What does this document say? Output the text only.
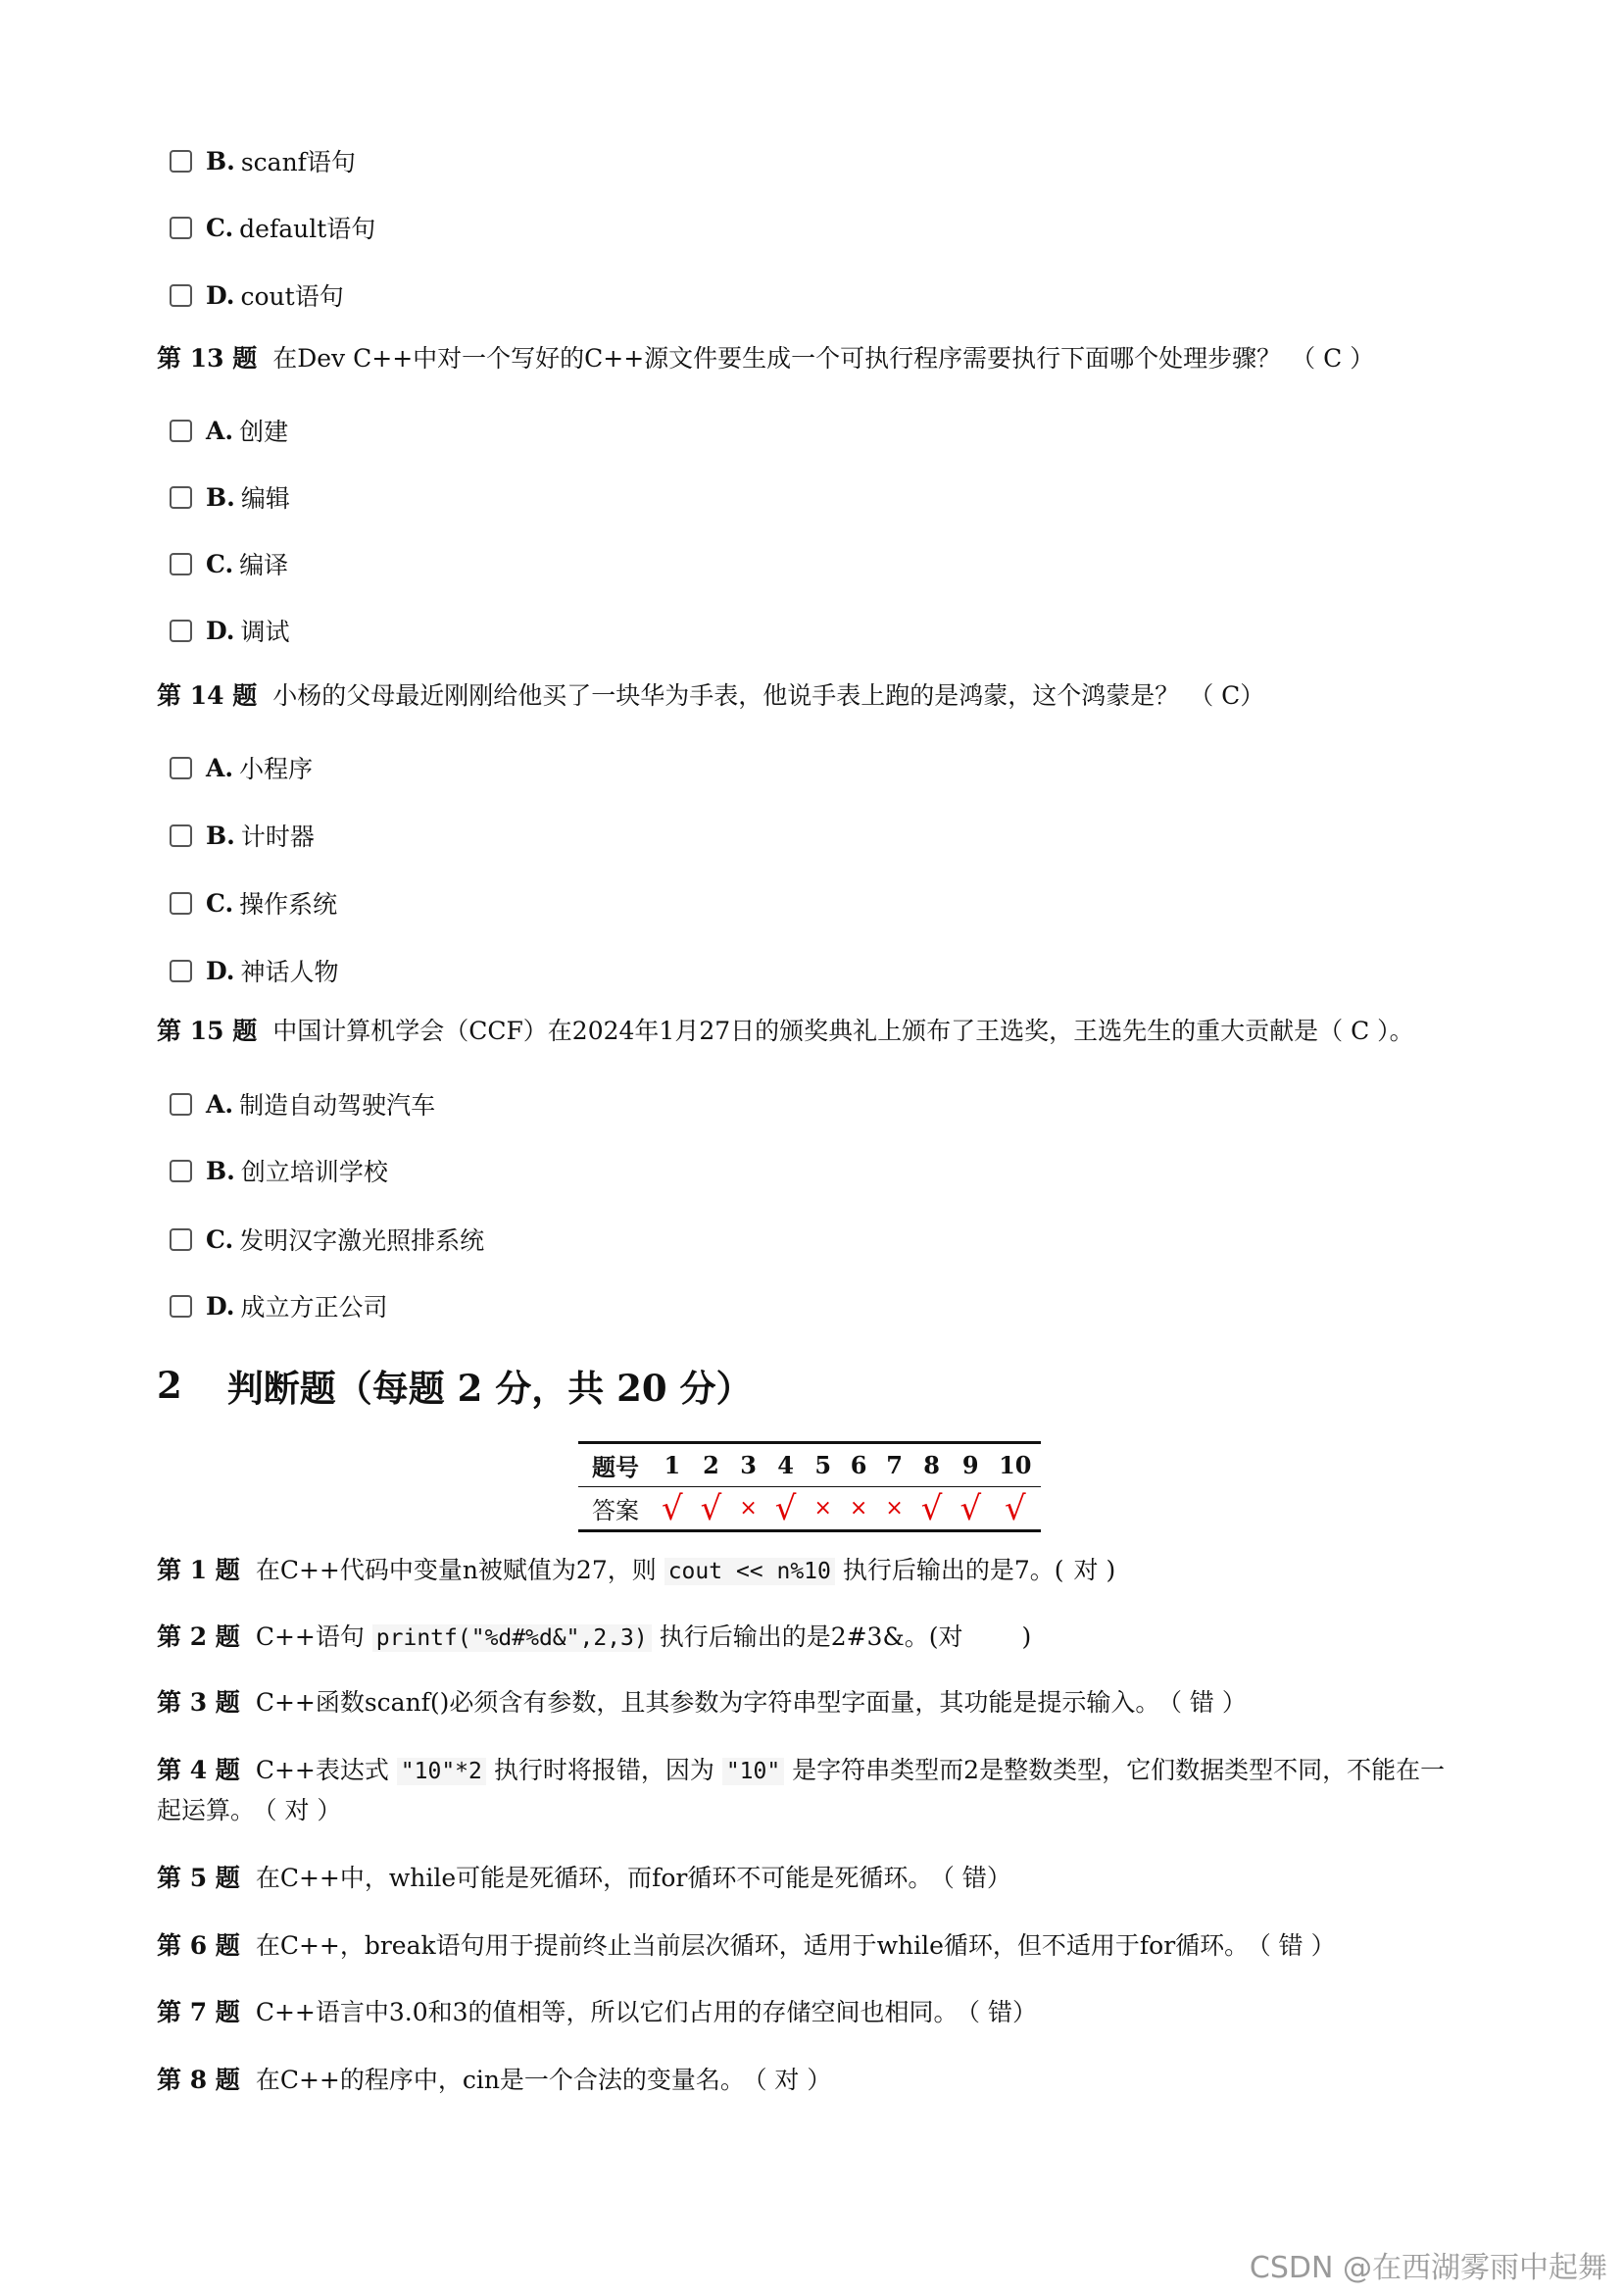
B. scanf语句
C. default语句
D. cout语句
第 13 题 在Dev C++中对一个写好的C++源文件要生成一个可执行程序需要执行下面哪个处理步骤？ （ C ）
A. 创建
B. 编辑
C. 编译
D. 调试
第 14 题 小杨的父母最近刚刚给他买了一块华为手表，他说手表上跑的是鸿蒙，这个鸿蒙是？ （ C）
A. 小程序
B. 计时器
C. 操作系统
D. 神话人物
第 15 题 中国计算机学会（CCF）在2024年1月27日的颁奖典礼上颁布了王选奖，王选先生的重大贡献是（ C ）。
A. 制造自动驾驶汽车
B. 创立培训学校
C. 发明汉字激光照排系统
D. 成立方正公司
2 判断题（每题 2 分，共 20 分）
题号	1	2	3	4	5	6	7	8	9	10
答案	√	√	×	√	×	×	×	√	√	√
第 1 题 在C++代码中变量n被赋值为27，则 cout << n%10 执行后输出的是7。( 对 )
第 2 题 C++语句 printf("%d#%d&",2,3) 执行后输出的是2#3&。(对 )
第 3 题 C++函数scanf()必须含有参数，且其参数为字符串型字面量，其功能是提示输入。 （ 错 ）
第 4 题 C++表达式 "10"*2 执行时将报错，因为 "10" 是字符串类型而2是整数类型，它们数据类型不同，不能在一起运算。 （ 对 ）
第 5 题 在C++中，while可能是死循环，而for循环不可能是死循环。 （ 错）
第 6 题 在C++，break语句用于提前终止当前层次循环，适用于while循环，但不适用于for循环。 （ 错 ）
第 7 题 C++语言中3.0和3的值相等，所以它们占用的存储空间也相同。 （ 错）
第 8 题 在C++的程序中，cin是一个合法的变量名。 （ 对 ）
CSDN @在西湖雾雨中起舞
